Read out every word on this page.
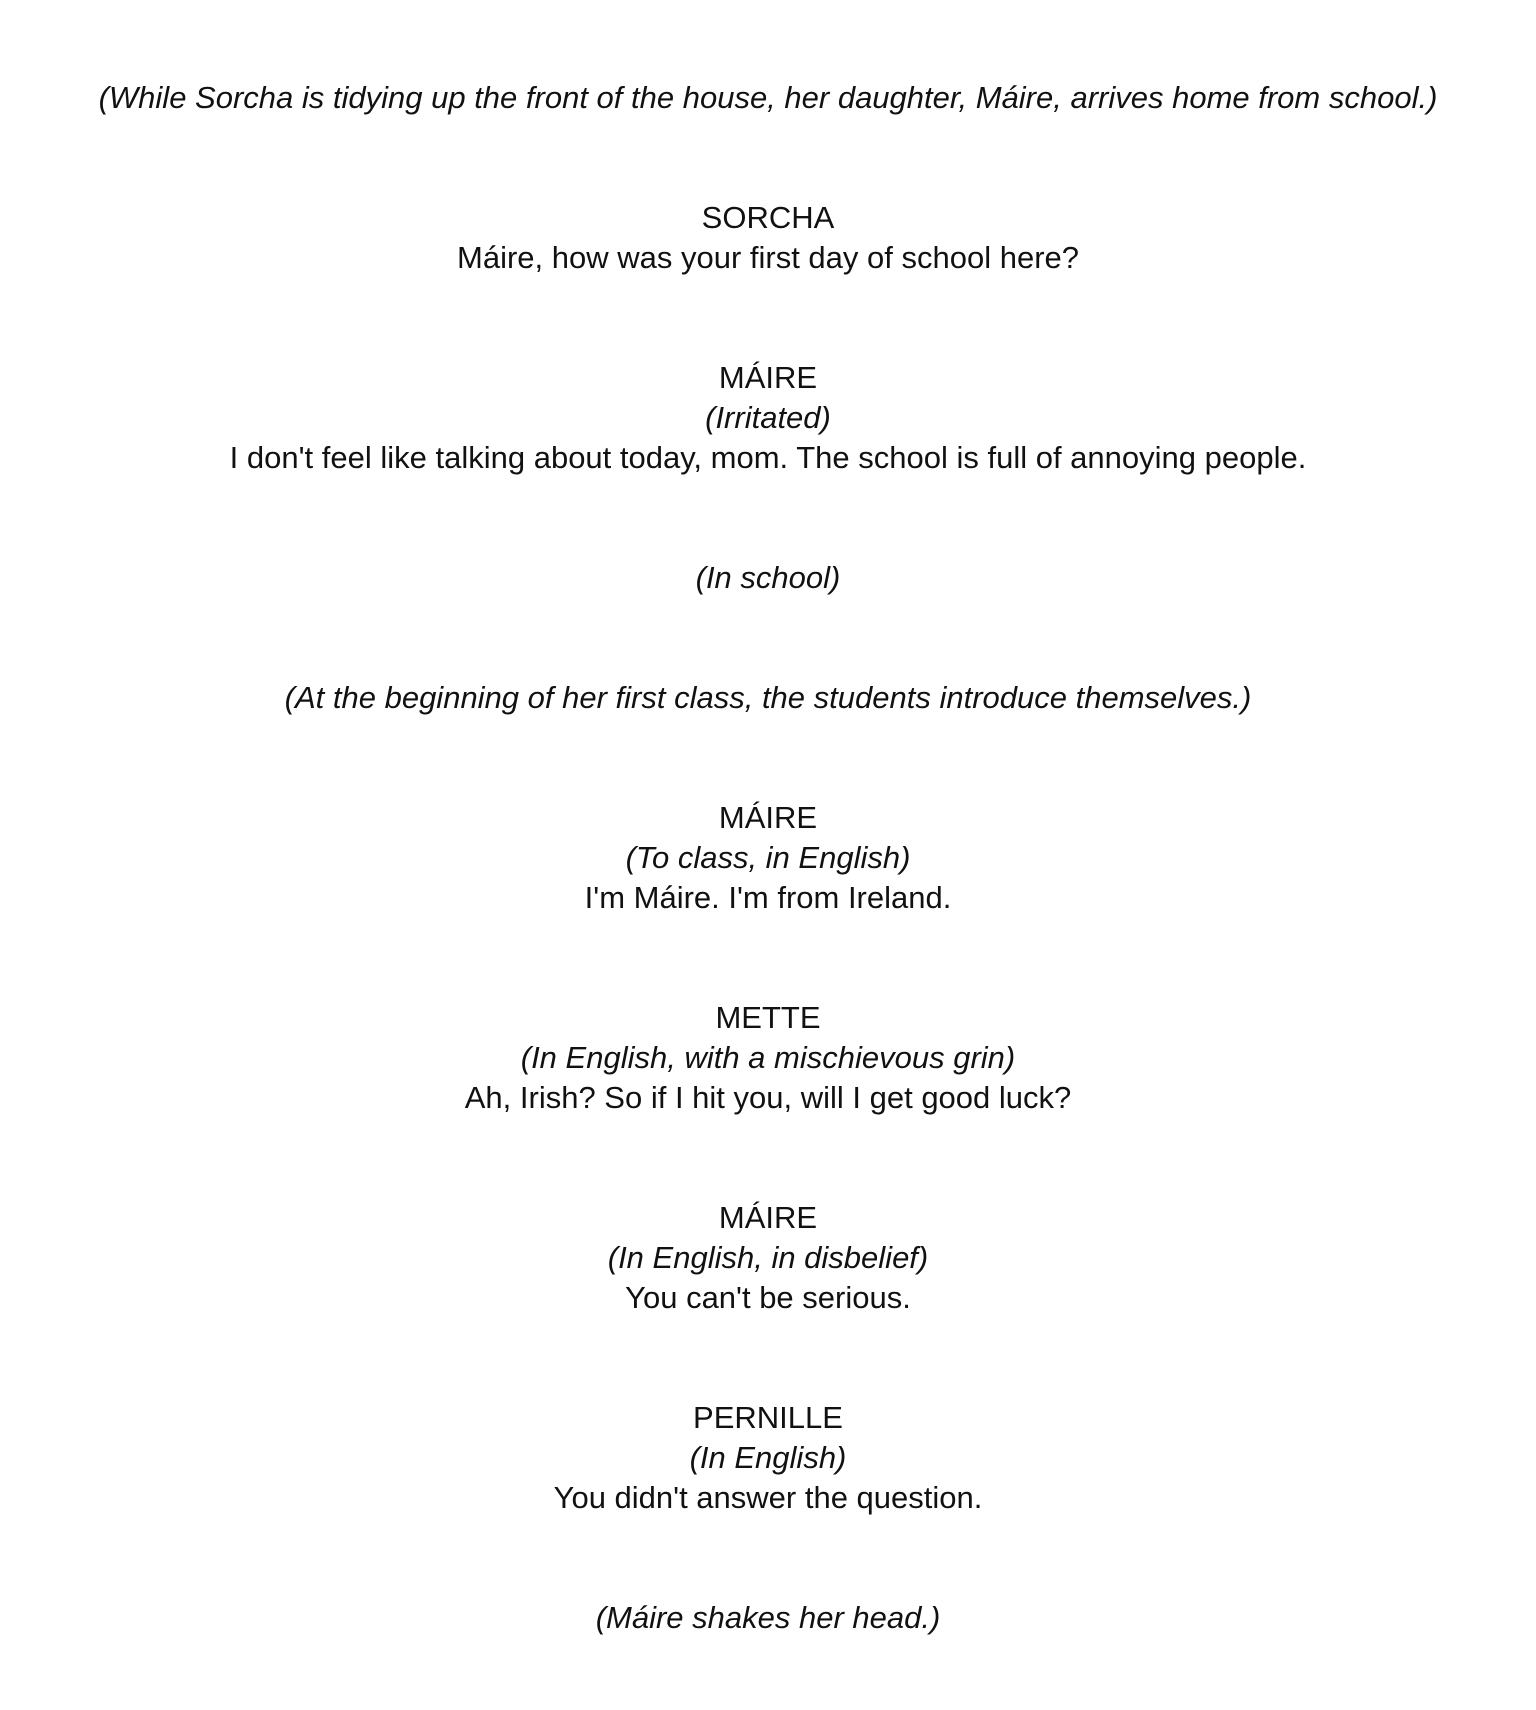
(While Sorcha is tidying up the front of the house, her daughter, Máire, arrives home from school.)
SORCHA
Máire, how was your first day of school here?
MÁIRE
(Irritated)
I don't feel like talking about today, mom. The school is full of annoying people.
(In school)
(At the beginning of her first class, the students introduce themselves.)
MÁIRE
(To class, in English)
I'm Máire. I'm from Ireland.
METTE
(In English, with a mischievous grin)
Ah, Irish? So if I hit you, will I get good luck?
MÁIRE
(In English, in disbelief)
You can't be serious.
PERNILLE
(In English)
You didn't answer the question.
(Máire shakes her head.)
